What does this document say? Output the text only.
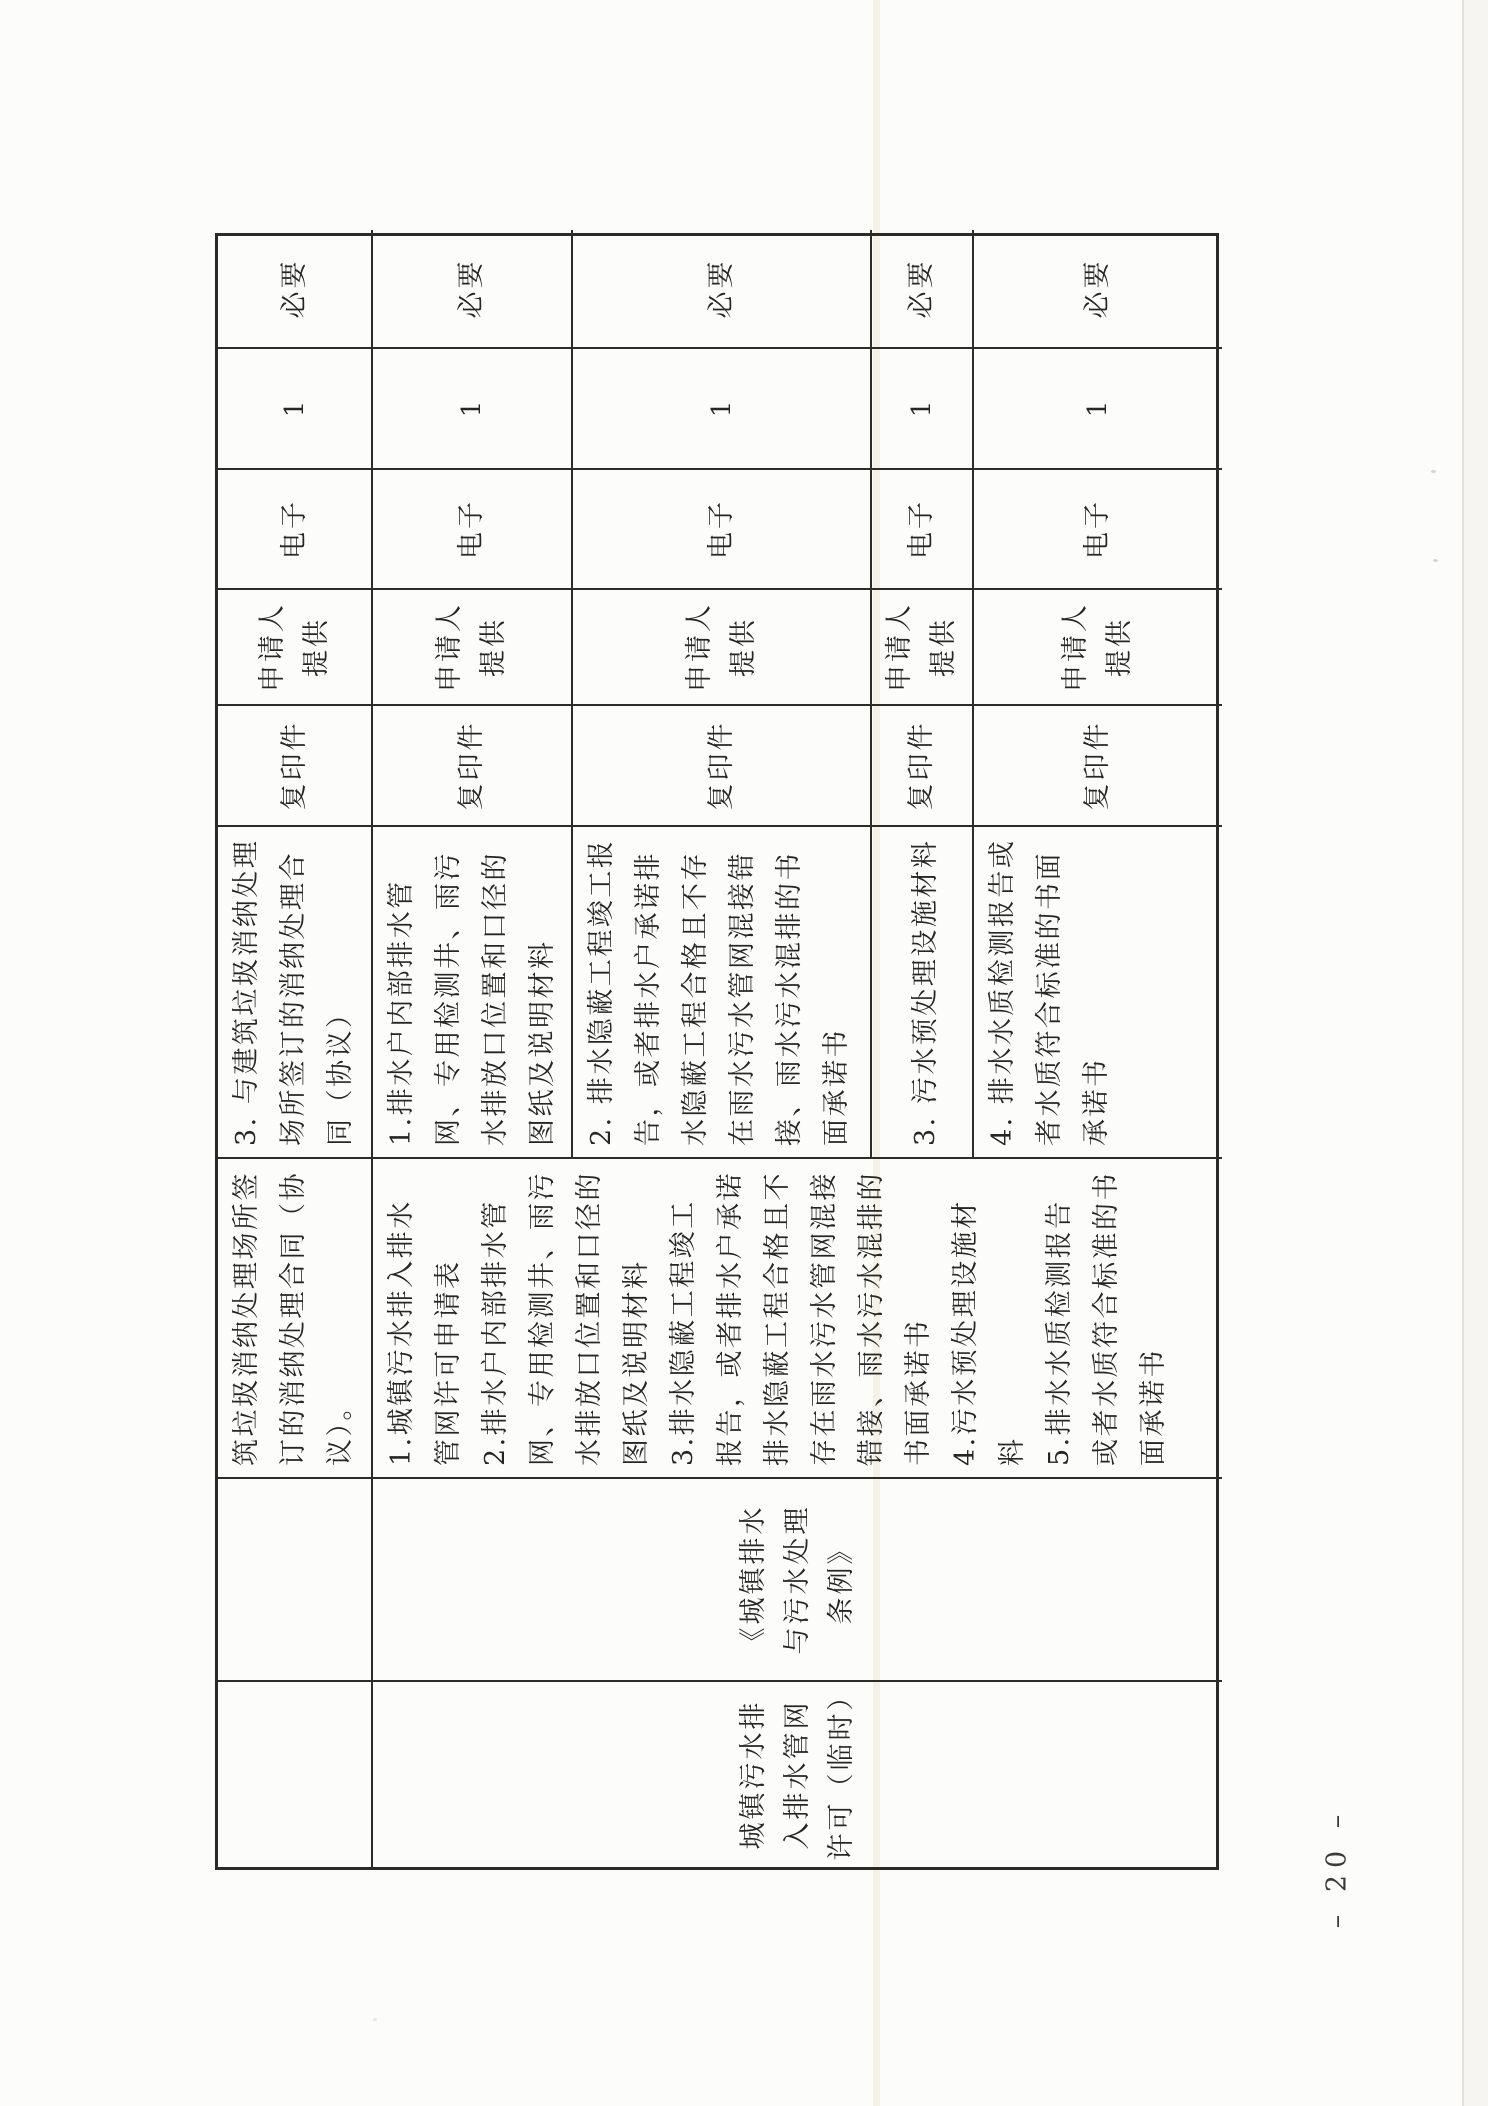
筑垃圾消纳处理场所签订的消纳处理合同（协议）。
3. 与建筑垃圾消纳处理场所签订的消纳处理合同（协议）
复印件
申请人提供
电子
1
必要
城镇污水排入排水管网许可（临时）
《城镇排水与污水处理条例》
1.城镇污水排入排水管网许可申请表 2.排水户内部排水管网、专用检测井、雨污水排放口位置和口径的图纸及说明材料 3.排水隐蔽工程竣工报告，或者排水户承诺排水隐蔽工程合格且不存在雨水污水管网混接错接、雨水污水混排的书面承诺书 4.污水预处理设施材料 5.排水水质检测报告或者水质符合标准的书面承诺书
1.排水户内部排水管网、专用检测井、雨污水排放口位置和口径的图纸及说明材料
复印件
申请人提供
电子
1
必要
2. 排水隐蔽工程竣工报告，或者排水户承诺排水隐蔽工程合格且不存在雨水污水管网混接错接、雨水污水混排的书面承诺书
复印件
申请人提供
电子
1
必要
3. 污水预处理设施材料
复印件
申请人提供
电子
1
必要
4. 排水水质检测报告或者水质符合标准的书面承诺书
复印件
申请人提供
电子
1
必要
– 20 –
